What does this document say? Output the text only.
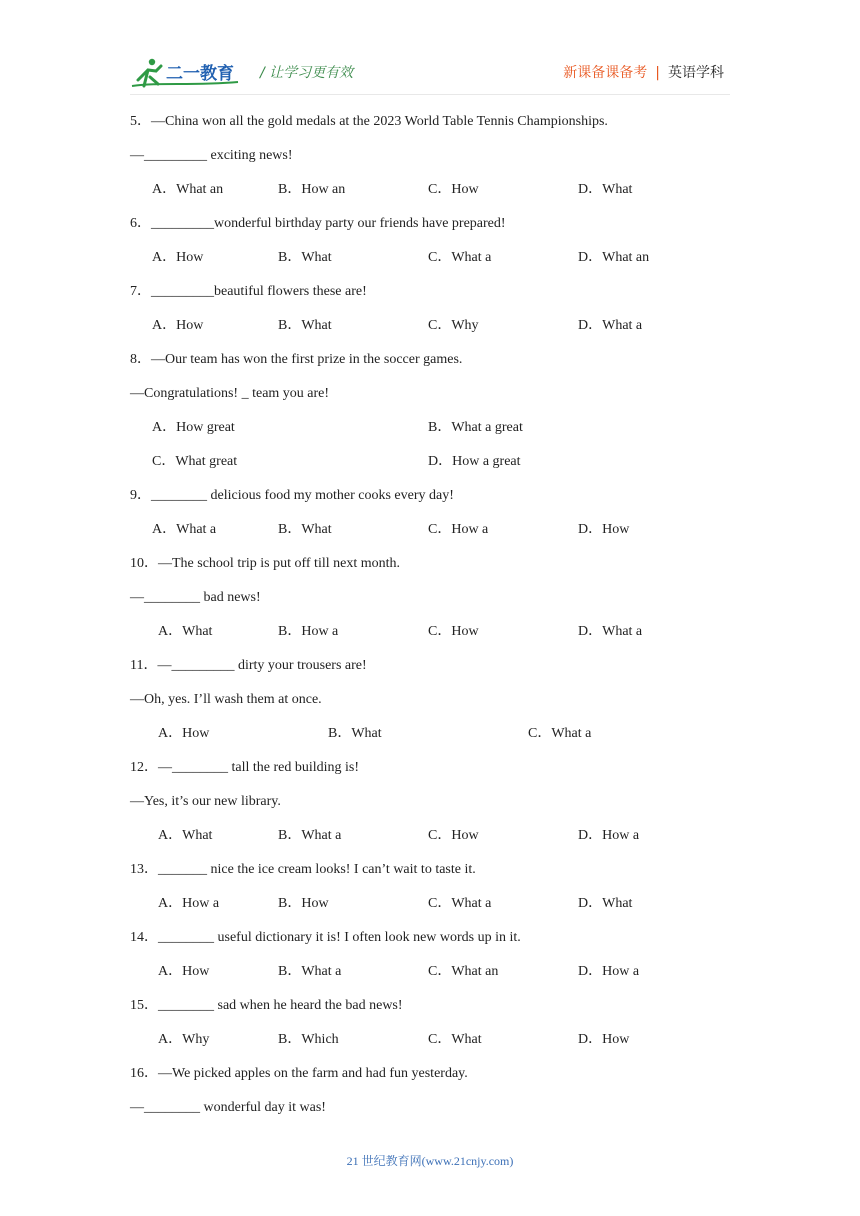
二一教育 / 让学习更有效	新课备课备考 | 英语学科
5．—China won all the gold medals at the 2023 World Table Tennis Championships.
—_________ exciting news!
A．What an	B．How an	C．How	D．What
6．_________wonderful birthday party our friends have prepared!
A．How	B．What	C．What a	D．What an
7．_________beautiful flowers these are!
A．How	B．What	C．Why	D．What a
8．—Our team has won the first prize in the soccer games.
—Congratulations! _ team you are!
A．How great	B．What a great
C．What great	D．How a great
9．________ delicious food my mother cooks every day!
A．What a	B．What	C．How a	D．How
10．—The school trip is put off till next month.
—________ bad news!
A．What	B．How a	C．How	D．What a
11．—_________ dirty your trousers are!
—Oh, yes. I’ll wash them at once.
A．How	B．What	C．What a
12．—________ tall the red building is!
—Yes, it’s our new library.
A．What	B．What a	C．How	D．How a
13．_______ nice the ice cream looks! I can’t wait to taste it.
A．How a	B．How	C．What a	D．What
14．________ useful dictionary it is! I often look new words up in it.
A．How	B．What a	C．What an	D．How a
15．________ sad when he heard the bad news!
A．Why	B．Which	C．What	D．How
16．—We picked apples on the farm and had fun yesterday.
—________ wonderful day it was!
21 世纪教育网(www.21cnjy.com)
